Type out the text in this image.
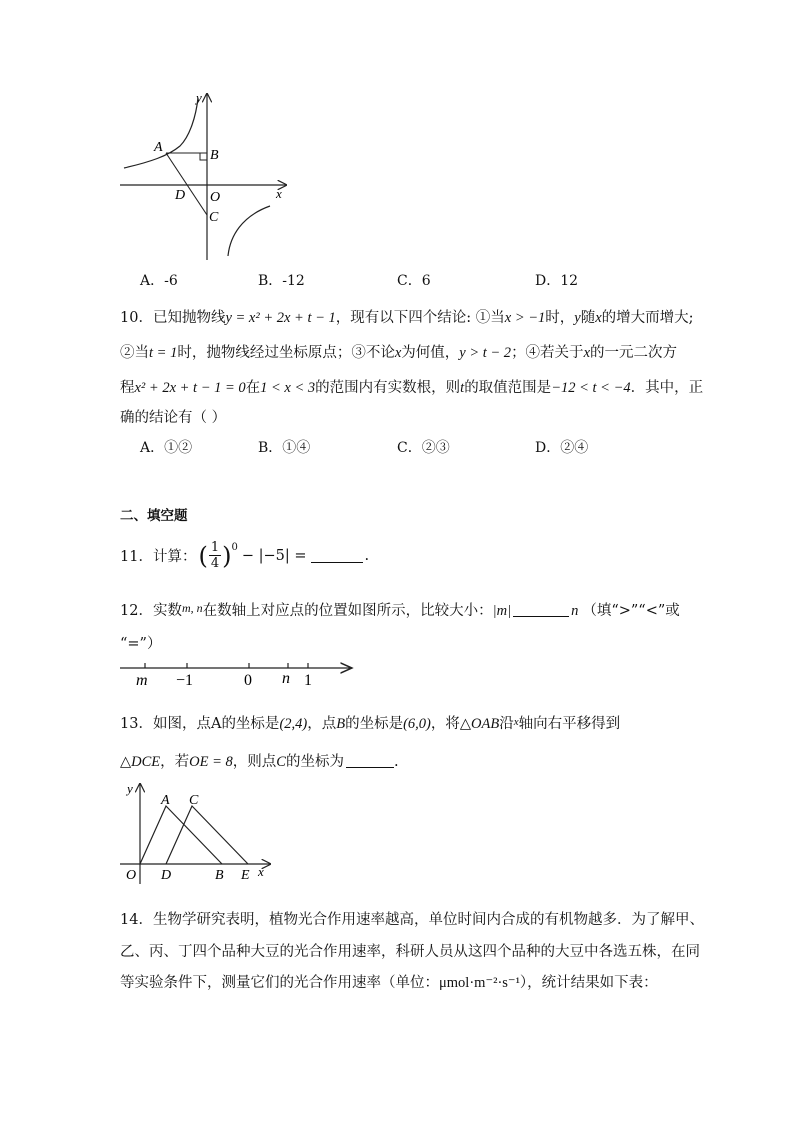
y
x
A
B
D O
C
A．-6	B．-12	C．6	D．12
10．已知抛物线y = x² + 2x + t − 1，现有以下四个结论: ①当x > −1时，y随x的增大而增大;
②当t = 1时，抛物线经过坐标原点；③不论x为何值，y > t − 2；④若关于x的一元二次方
程x² + 2x + t − 1 = 0在1 < x < 3的范围内有实数根，则t的取值范围是−12 < t < −4．其中，正
确的结论有（ ）
A．①②	B．①④	C．②③	D．②④
二、填空题
11．计算： ( $\frac{1}{4} )^0 - |-5|$ =	.
12．实数$^{m, n}$在数轴上对应点的位置如图所示，比较大小：|m|	n （填“>”“<”或
“=”）
m −1	0 n 1
13．如图，点A的坐标是(2,4)，点B的坐标是(6,0)，将△OAB沿$^x$轴向右平移得到
△DCE，若OE = 8，则点C的坐标为	.
y
A C
O D	B E x
14．生物学研究表明，植物光合作用速率越高，单位时间内合成的有机物越多．为了解甲、
乙、丙、丁四个品种大豆的光合作用速率，科研人员从这四个品种的大豆中各选五株，在同
等实验条件下，测量它们的光合作用速率（单位：μmol·m⁻²·s⁻¹），统计结果如下表：
